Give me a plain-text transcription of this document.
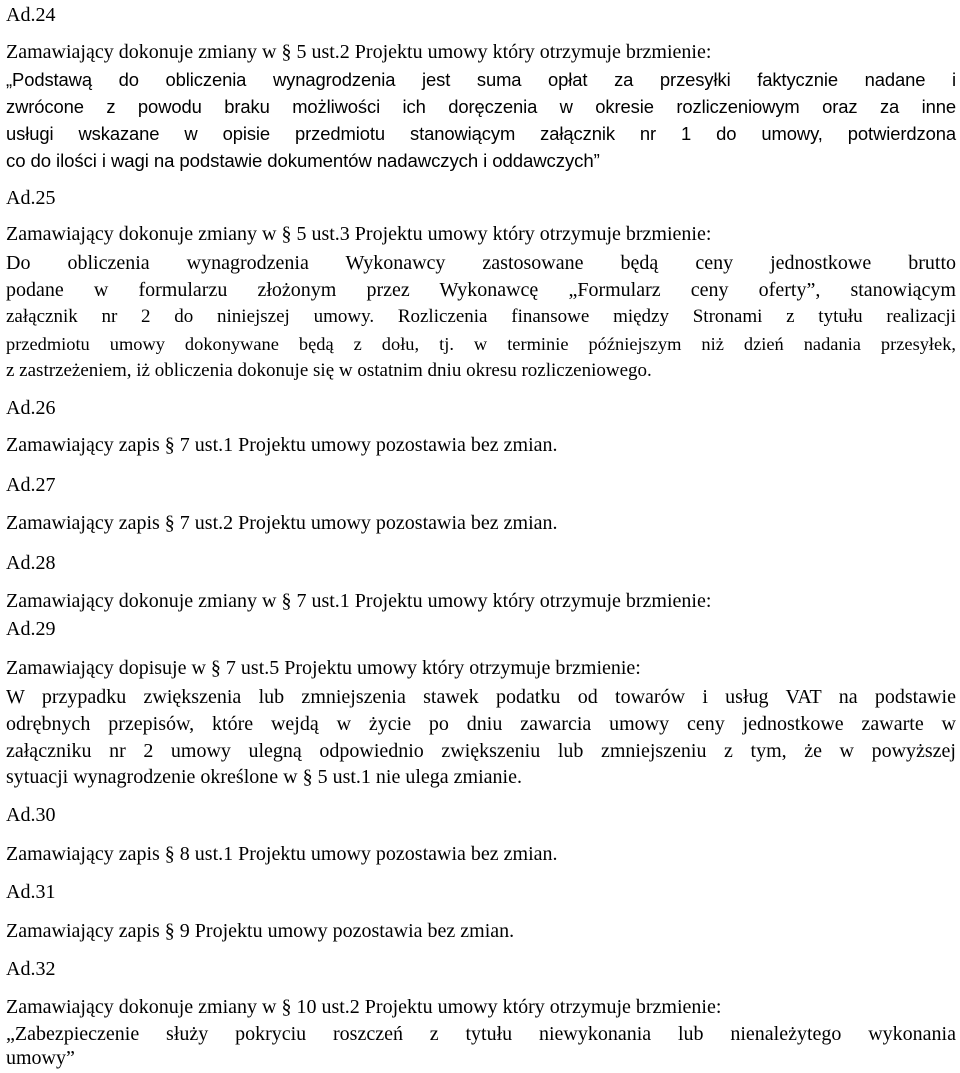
Ad.24
Zamawiający dokonuje zmiany w § 5 ust.2 Projektu umowy który otrzymuje brzmienie:
„Podstawą do obliczenia wynagrodzenia jest suma opłat za przesyłki faktycznie nadane i
zwrócone z powodu braku możliwości ich doręczenia w okresie rozliczeniowym oraz za inne
usługi wskazane w opisie przedmiotu stanowiącym załącznik nr 1 do umowy, potwierdzona
co do ilości i wagi na podstawie dokumentów nadawczych i oddawczych”
Ad.25
Zamawiający dokonuje zmiany w § 5 ust.3 Projektu umowy który otrzymuje brzmienie:
Do obliczenia wynagrodzenia Wykonawcy zastosowane będą ceny jednostkowe brutto
podane w formularzu złożonym przez Wykonawcę „Formularz ceny oferty”, stanowiącym
załącznik nr 2 do niniejszej umowy. Rozliczenia finansowe między Stronami z tytułu realizacji
przedmiotu umowy dokonywane będą z dołu, tj. w terminie późniejszym niż dzień nadania przesyłek,
z zastrzeżeniem, iż obliczenia dokonuje się w ostatnim dniu okresu rozliczeniowego.
Ad.26
Zamawiający zapis § 7 ust.1 Projektu umowy pozostawia bez zmian.
Ad.27
Zamawiający zapis § 7 ust.2 Projektu umowy pozostawia bez zmian.
Ad.28
Zamawiający dokonuje zmiany w § 7 ust.1 Projektu umowy który otrzymuje brzmienie:
Ad.29
Zamawiający dopisuje w § 7 ust.5 Projektu umowy który otrzymuje brzmienie:
W przypadku zwiększenia lub zmniejszenia stawek podatku od towarów i usług VAT na podstawie
odrębnych przepisów, które wejdą w życie po dniu zawarcia umowy ceny jednostkowe zawarte w
załączniku nr 2 umowy ulegną odpowiednio zwiększeniu lub zmniejszeniu z tym, że w powyższej
sytuacji wynagrodzenie określone w § 5 ust.1 nie ulega zmianie.
Ad.30
Zamawiający zapis § 8 ust.1 Projektu umowy pozostawia bez zmian.
Ad.31
Zamawiający zapis § 9 Projektu umowy pozostawia bez zmian.
Ad.32
Zamawiający dokonuje zmiany w § 10 ust.2 Projektu umowy który otrzymuje brzmienie:
„Zabezpieczenie służy pokryciu roszczeń z tytułu niewykonania lub nienależytego wykonania
umowy”
